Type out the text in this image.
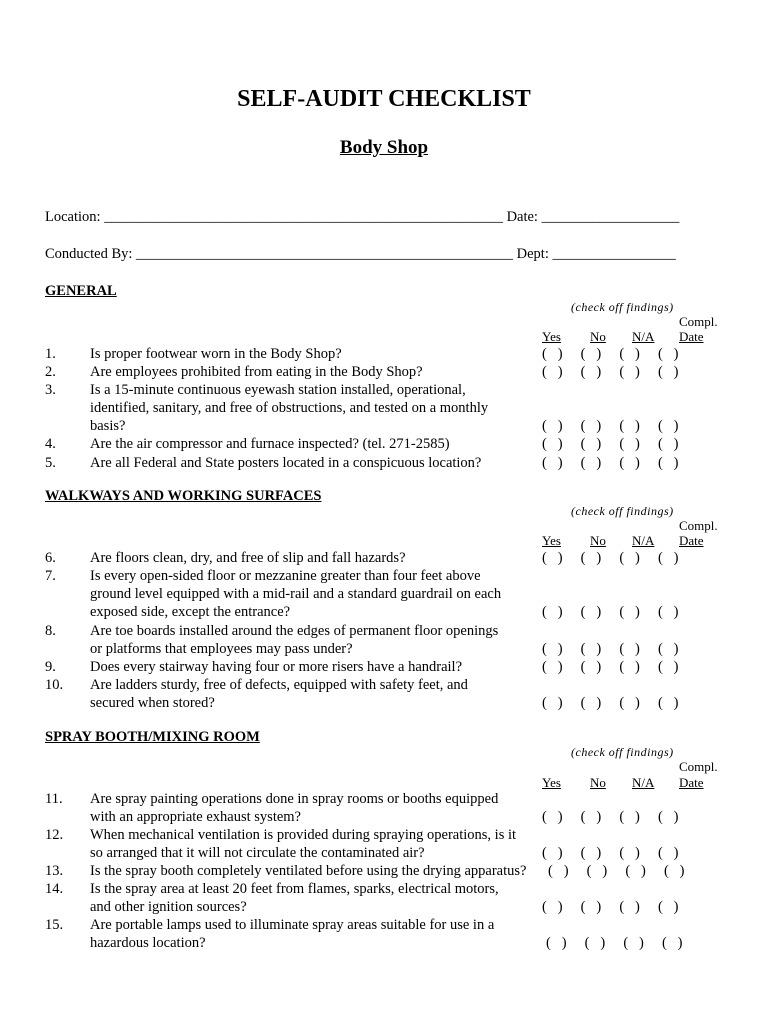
SELF-AUDIT CHECKLIST
Body Shop
Location: _______________________________________________________ Date: ___________________
Conducted By: ____________________________________________________ Dept: _________________
GENERAL
(check off findings)
Compl.
Yes No N/A Date
1. Is proper footwear worn in the Body Shop?	(   )     (   )     (   )     (   )
2. Are employees prohibited from eating in the Body Shop?	(   )     (   )     (   )     (   )
3. Is a 15-minute continuous eyewash station installed, operational,
identified, sanitary, and free of obstructions, and tested on a monthly
basis?	(   )     (   )     (   )     (   )
4. Are the air compressor and furnace inspected? (tel. 271-2585)	(   )     (   )     (   )     (   )
5. Are all Federal and State posters located in a conspicuous location?	(   )     (   )     (   )     (   )
WALKWAYS AND WORKING SURFACES
(check off findings)
Compl.
Yes No N/A Date
6. Are floors clean, dry, and free of slip and fall hazards?	(   )     (   )     (   )     (   )
7. Is every open-sided floor or mezzanine greater than four feet above
ground level equipped with a mid-rail and a standard guardrail on each
exposed side, except the entrance?	(   )     (   )     (   )     (   )
8. Are toe boards installed around the edges of permanent floor openings
or platforms that employees may pass under?	(   )     (   )     (   )     (   )
9. Does every stairway having four or more risers have a handrail?	(   )     (   )     (   )     (   )
10. Are ladders sturdy, free of defects, equipped with safety feet, and
secured when stored?	(   )     (   )     (   )     (   )
SPRAY BOOTH/MIXING ROOM
(check off findings)
Compl.
Yes No N/A Date
11. Are spray painting operations done in spray rooms or booths equipped
with an appropriate exhaust system?	(   )     (   )     (   )     (   )
12. When mechanical ventilation is provided during spraying operations, is it
so arranged that it will not circulate the contaminated air?	(   )     (   )     (   )     (   )
13. Is the spray booth completely ventilated before using the drying apparatus? (   )     (   )     (   )     (   )
14. Is the spray area at least 20 feet from flames, sparks, electrical motors,
and other ignition sources?	(   )     (   )     (   )     (   )
15. Are portable lamps used to illuminate spray areas suitable for use in a
hazardous location?	(   )     (   )     (   )     (   )
